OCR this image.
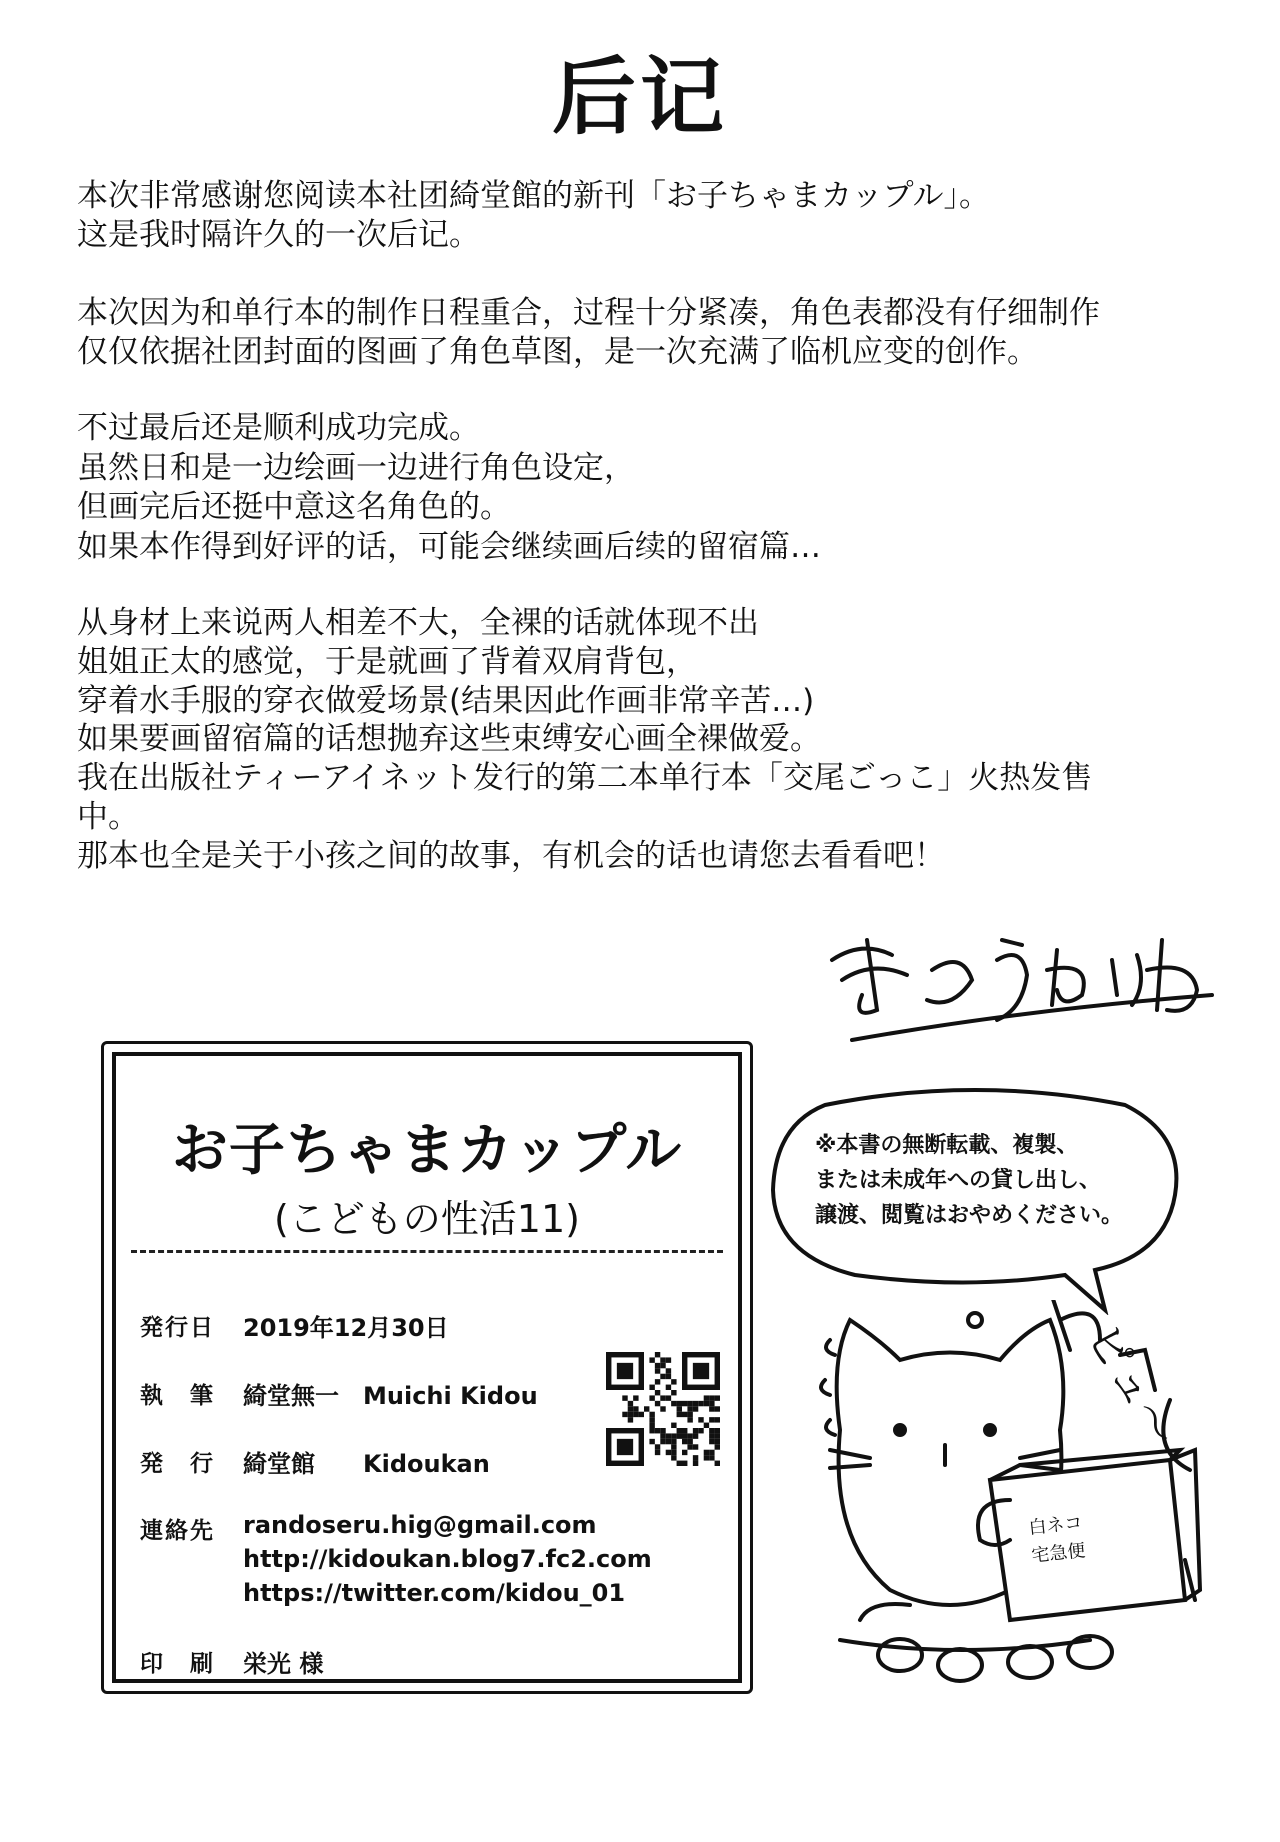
后记
本次非常感谢您阅读本社团綺堂館的新刊「お子ちゃまカップル」。
这是我时隔许久的一次后记。
本次因为和单行本的制作日程重合，过程十分紧凑，角色表都没有仔细制作
仅仅依据社团封面的图画了角色草图，是一次充满了临机应变的创作。
不过最后还是顺利成功完成。
虽然日和是一边绘画一边进行角色设定，
但画完后还挺中意这名角色的。
如果本作得到好评的话，可能会继续画后续的留宿篇…
从身材上来说两人相差不大，全裸的话就体现不出
姐姐正太的感觉，于是就画了背着双肩背包，
穿着水手服的穿衣做爱场景(结果因此作画非常辛苦…)
如果要画留宿篇的话想抛弃这些束缚安心画全裸做爱。
我在出版社ティーアイネット发行的第二本单行本「交尾ごっこ」火热发售
中。
那本也全是关于小孩之间的故事，有机会的话也请您去看看吧！
お子ちゃまカップル
(こどもの性活11)
発行日 2019年12月30日
執　筆 綺堂無一　Muichi Kidou
発　行 綺堂館　　Kidoukan
連絡先 randoseru.hig@gmail.com
http://kidoukan.blog7.fc2.com
https://twitter.com/kidou_01
印　刷 栄光 様
※本書の無断転載、複製、
または未成年への貸し出し、
譲渡、閲覧はおやめください。
白ネコ
宅急便
ピュ〜
